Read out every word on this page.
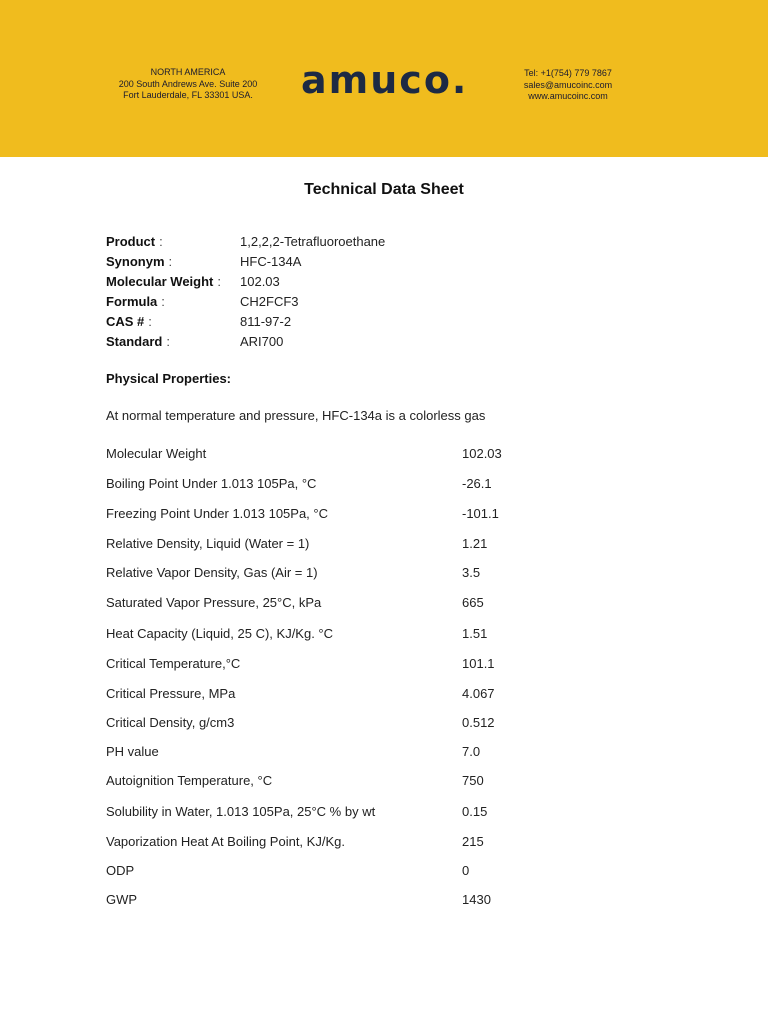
NORTH AMERICA
200 South Andrews Ave. Suite 200
Fort Lauderdale, FL 33301 USA.	amuco.	Tel: +1(754) 779 7867
sales@amucoinc.com
www.amucoinc.com
Technical Data Sheet
Product :	1,2,2,2-Tetrafluoroethane
Synonym :	HFC-134A
Molecular Weight : 102.03
Formula :	CH2FCF3
CAS # :	811-97-2
Standard :	ARI700
Physical Properties:
At normal temperature and pressure, HFC-134a is a colorless gas
Molecular Weight	102.03
Boiling Point Under 1.013 105Pa, °C	-26.1
Freezing Point Under 1.013 105Pa, °C	-101.1
Relative Density, Liquid (Water = 1)	1.21
Relative Vapor Density, Gas (Air = 1)	3.5
Saturated Vapor Pressure, 25°C, kPa	665
Heat Capacity (Liquid, 25 C), KJ/Kg. °C	1.51
Critical Temperature,°C	101.1
Critical Pressure, MPa	4.067
Critical Density, g/cm3	0.512
PH value	7.0
Autoignition Temperature, °C	750
Solubility in Water, 1.013 105Pa, 25°C % by wt	0.15
Vaporization Heat At Boiling Point, KJ/Kg.	215
ODP	0
GWP	1430
